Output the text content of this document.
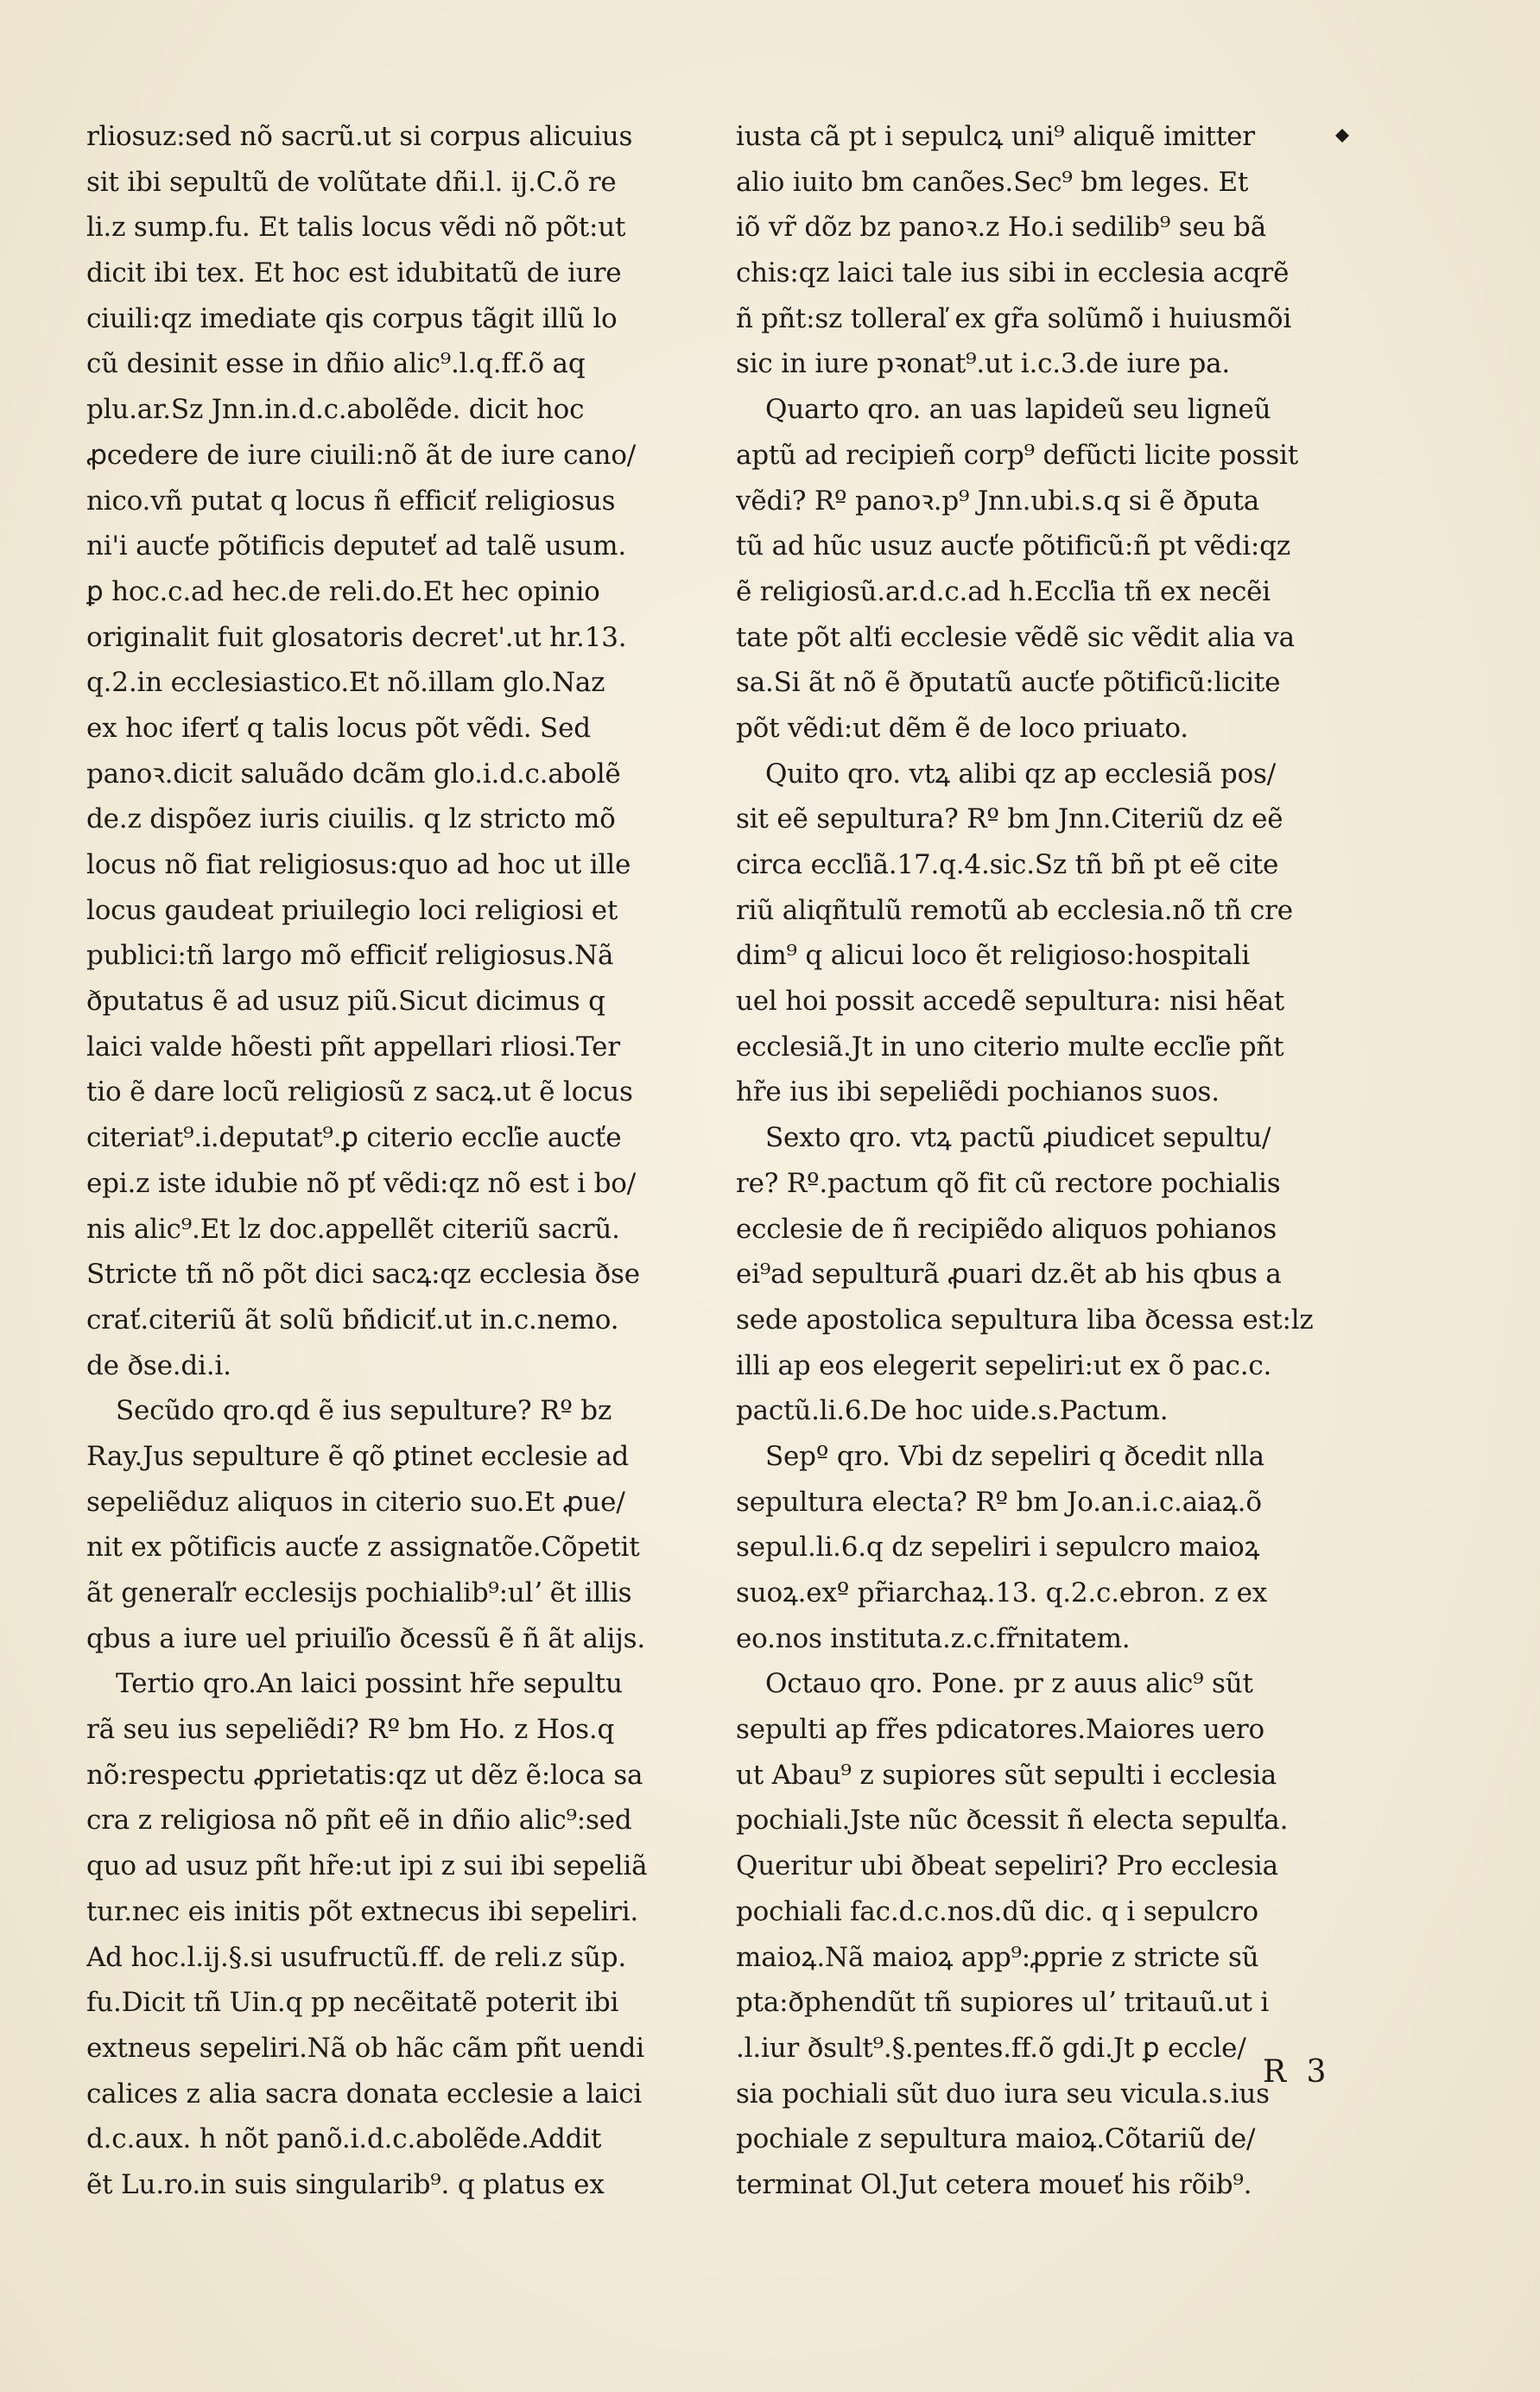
rliosuz:sed nõ sacrũ.ut si corpus alicuius
sit ibi sepultũ de volũtate dñi.l. ij.C.õ re
li.z sump.fu. Et talis locus vẽdi nõ põt:ut
dicit ibi tex. Et hoc est idubitatũ de iure
ciuili:qz imediate qis corpus tãgit illũ lo
cũ desinit esse in dñio alic⁹.l.q.ff.õ aq
plu.ar.Sz Jnn.in.d.c.abolẽde. dicit hoc
ꝓcedere de iure ciuili:nõ ãt de iure cano/
nico.vñ putat q locus ñ efficiť religiosus
ni'i aucťe põtificis deputeť ad talẽ usum.
ꝑ hoc.c.ad hec.de reli.do.Et hec opinio
originalit fuit glosatoris decret'.ut hr.13.
q.2.in ecclesiastico.Et nõ.illam glo.Naz
ex hoc iferť q talis locus põt vẽdi. Sed
panoꝛ.dicit saluãdo dcãm glo.i.d.c.abolẽ
de.z dispõez iuris ciuilis. q lz stricto mõ
locus nõ fiat religiosus:quo ad hoc ut ille
locus gaudeat priuilegio loci religiosi et
publici:tñ largo mõ efficiť religiosus.Nã
ðputatus ẽ ad usuz piũ.Sicut dicimus q
laici valde hõesti pñt appellari rliosi.Ter
tio ẽ dare locũ religiosũ z sacꝝ.ut ẽ locus
citeriat⁹.i.deputat⁹.ꝑ citerio eccľie aucťe
epi.z iste idubie nõ pť vẽdi:qz nõ est i bo/
nis alic⁹.Et lz doc.appellẽt citeriũ sacrũ.
Stricte tñ nõ põt dici sacꝝ:qz ecclesia ðse
crať.citeriũ ãt solũ bñdiciť.ut in.c.nemo.
de ðse.di.i.
Secũdo qro.qd ẽ ius sepulture? Rº bz
Ray.Jus sepulture ẽ qõ ꝑtinet ecclesie ad
sepeliẽduz aliquos in citerio suo.Et ꝓue/
nit ex põtificis aucťe z assignatõe.Cõpetit
ãt generaľr ecclesijs pochialib⁹:ulʼ ẽt illis
qbus a iure uel priuiľio ðcessũ ẽ ñ ãt alijs.
Tertio qro.An laici possint hr̃e sepultu
rã seu ius sepeliẽdi? Rº bm Ho. z Hos.q
nõ:respectu ꝓprietatis:qz ut dẽz ẽ:loca sa
cra z religiosa nõ pñt eẽ in dñio alic⁹:sed
quo ad usuz pñt hr̃e:ut ipi z sui ibi sepeliã
tur.nec eis initis põt extnecus ibi sepeliri.
Ad hoc.l.ij.§.si usufructũ.ff. de reli.z sũp.
fu.Dicit tñ Uin.q pp necẽitatẽ poterit ibi
extneus sepeliri.Nã ob hãc cãm pñt uendi
calices z alia sacra donata ecclesie a laici
d.c.aux. h nõt panõ.i.d.c.abolẽde.Addit
ẽt Lu.ro.in suis singularib⁹. q platus ex
iusta cã pt i sepulcꝝ uni⁹ aliquẽ imitter
alio iuito bm canões.Sec⁹ bm leges. Et
iõ vr̃ dõz bz panoꝛ.z Ho.i sedilib⁹ seu bã
chis:qz laici tale ius sibi in ecclesia acqrẽ
ñ pñt:sz tolleraľ ex gr̃a solũmõ i huiusmõi
sic in iure pꝛonat⁹.ut i.c.3.de iure pa.
Quarto qro. an uas lapideũ seu ligneũ
aptũ ad recipieñ corp⁹ defũcti licite possit
vẽdi? Rº panoꝛ.p⁹ Jnn.ubi.s.q si ẽ ðputa
tũ ad hũc usuz aucťe põtificũ:ñ pt vẽdi:qz
ẽ religiosũ.ar.d.c.ad h.Eccľia tñ ex necẽi
tate põt alťi ecclesie vẽdẽ sic vẽdit alia va
sa.Si ãt nõ ẽ ðputatũ aucťe põtificũ:licite
põt vẽdi:ut dẽm ẽ de loco priuato.
Quito qro. vtꝝ alibi qz ap ecclesiã pos/
sit eẽ sepultura? Rº bm Jnn.Citeriũ dz eẽ
circa eccľiã.17.q.4.sic.Sz tñ bñ pt eẽ cite
riũ aliqñtulũ remotũ ab ecclesia.nõ tñ cre
dim⁹ q alicui loco ẽt religioso:hospitali
uel hoi possit accedẽ sepultura: nisi hẽat
ecclesiã.Jt in uno citerio multe eccľie pñt
hr̃e ius ibi sepeliẽdi pochianos suos.
Sexto qro. vtꝝ pactũ ꝓiudicet sepultu/
re? Rº.pactum qõ fit cũ rectore pochialis
ecclesie de ñ recipiẽdo aliquos pohianos
ei⁹ad sepulturã ꝓuari dz.ẽt ab his qbus a
sede apostolica sepultura liba ðcessa est:lz
illi ap eos elegerit sepeliri:ut ex õ pac.c.
pactũ.li.6.De hoc uide.s.Pactum.
Sepº qro. Vbi dz sepeliri q ðcedit nlla
sepultura electa? Rº bm Jo.an.i.c.aiaꝝ.õ
sepul.li.6.q dz sepeliri i sepulcro maioꝝ
suoꝝ.exº pr̃iarchaꝝ.13. q.2.c.ebron. z ex
eo.nos instituta.z.c.fr̃nitatem.
Octauo qro. Pone. pr z auus alic⁹ sũt
sepulti ap fr̃es pdicatores.Maiores uero
ut Abau⁹ z supiores sũt sepulti i ecclesia
pochiali.Jste nũc ðcessit ñ electa sepulťa.
Queritur ubi ðbeat sepeliri? Pro ecclesia
pochiali fac.d.c.nos.dũ dic. q i sepulcro
maioꝝ.Nã maioꝝ app⁹:ꝓprie z stricte sũ
pta:ðphendũt tñ supiores ulʼ tritauũ.ut i
.l.iur ðsult⁹.§.pentes.ff.õ gdi.Jt ꝑ eccle/
sia pochiali sũt duo iura seu vicula.s.ius
pochiale z sepultura maioꝝ.Cõtariũ de/
terminat Ol.Jut cetera moueť his rõib⁹.
R 3
